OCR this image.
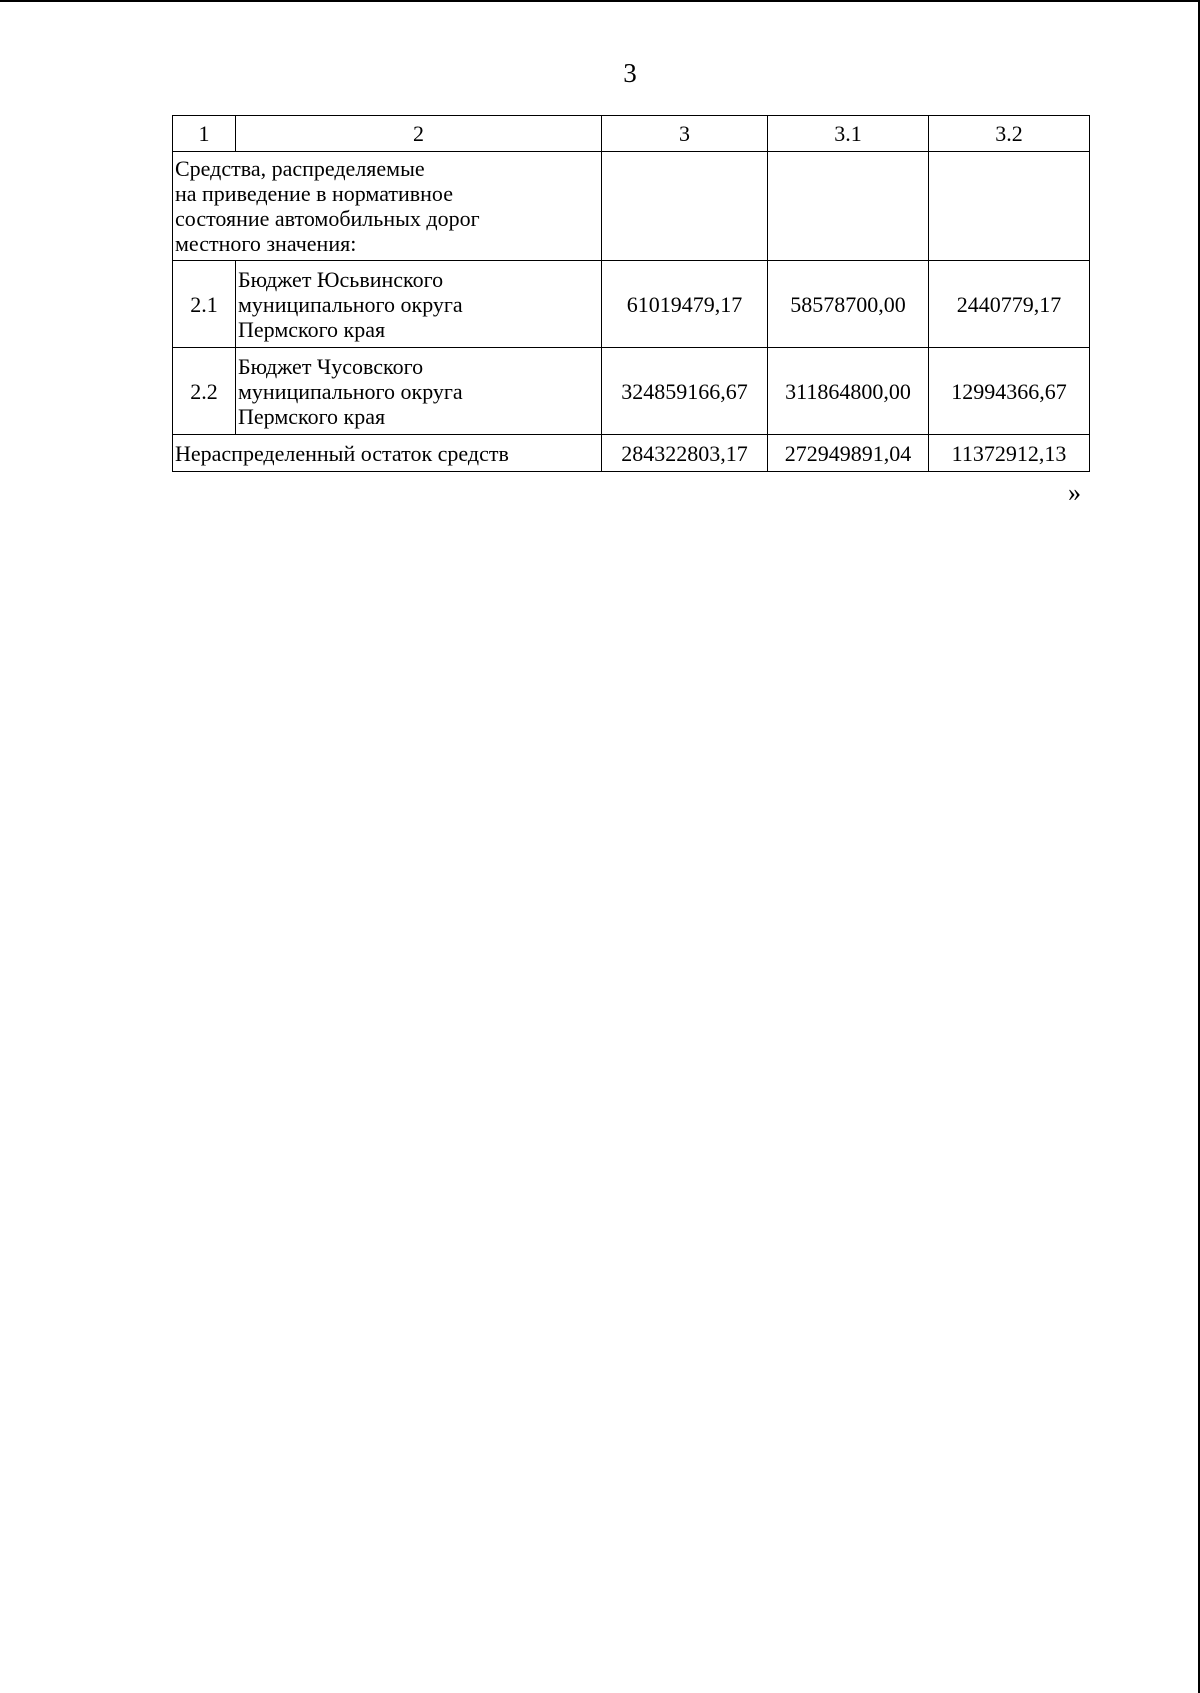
3
1	2	3	3.1	3.2
Средства, распределяемые
на приведение в нормативное
состояние автомобильных дорог
местного значения:				
2.1	Бюджет Юсьвинского
муниципального округа
Пермского края	61019479,17	58578700,00	2440779,17
2.2	Бюджет Чусовского
муниципального округа
Пермского края	324859166,67	311864800,00	12994366,67
Нераспределенный остаток средств		284322803,17	272949891,04	11372912,13
»
